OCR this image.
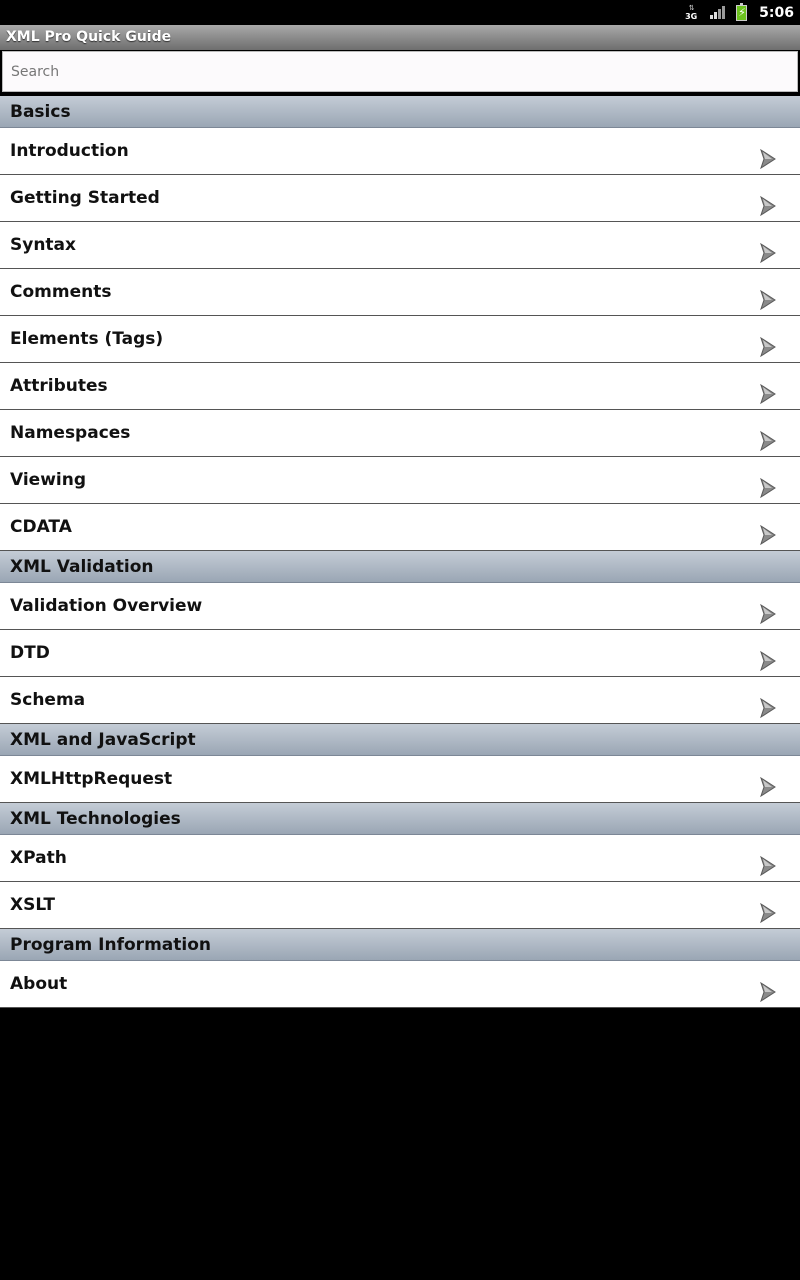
⇅
3G	⚡ 5:06
XML Pro Quick Guide
Search
Basics
Introduction
Getting Started
Syntax
Comments
Elements (Tags)
Attributes
Namespaces
Viewing
CDATA
XML Validation
Validation Overview
DTD
Schema
XML and JavaScript
XMLHttpRequest
XML Technologies
XPath
XSLT
Program Information
About
